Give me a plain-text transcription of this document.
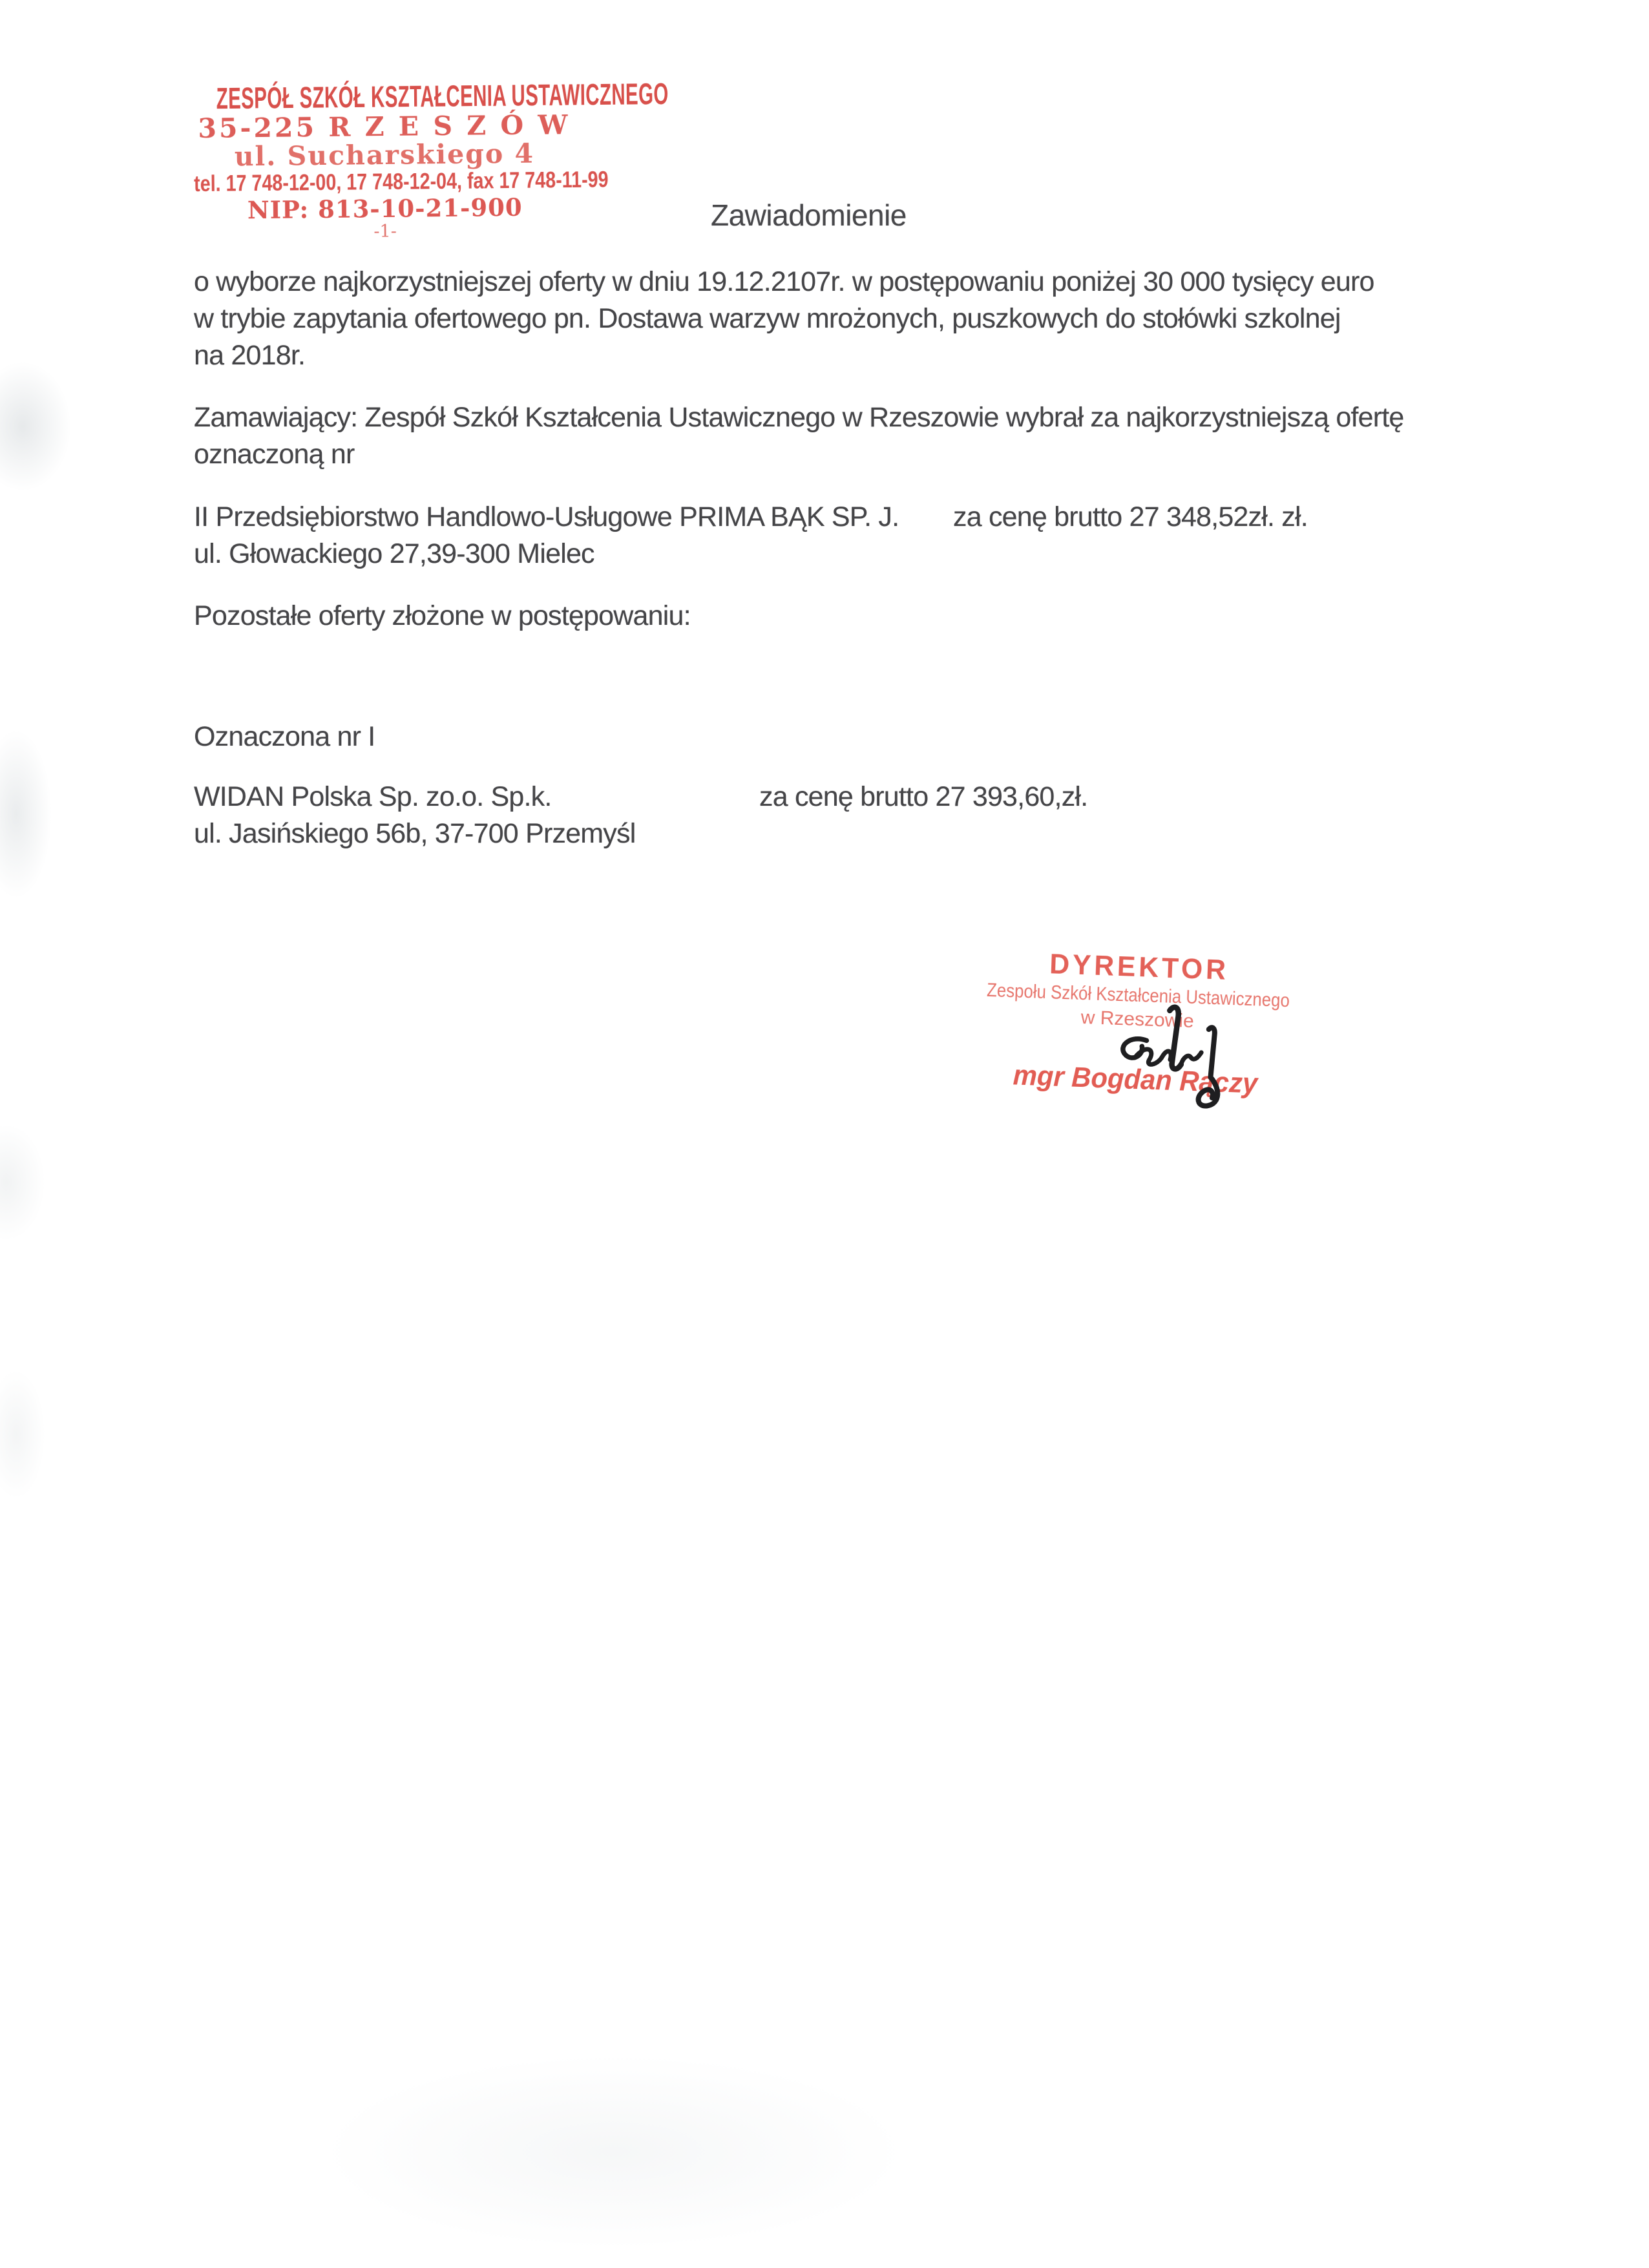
ZESPÓŁ SZKÓŁ KSZTAŁCENIA USTAWICZNEGO
35-225 R Z E S Z Ó W
ul. Sucharskiego 4
tel. 17 748-12-00, 17 748-12-04, fax 17 748-11-99
NIP: 813-10-21-900
-1-	Zawiadomienie
o wyborze najkorzystniejszej oferty w dniu 19.12.2107r. w postępowaniu poniżej 30 000 tysięcy euro
w trybie zapytania ofertowego pn. Dostawa warzyw mrożonych, puszkowych do stołówki szkolnej
na 2018r.
Zamawiający: Zespół Szkół Kształcenia Ustawicznego w Rzeszowie wybrał za najkorzystniejszą ofertę
oznaczoną nr
II Przedsiębiorstwo Handlowo-Usługowe PRIMA BĄK SP. J. za cenę brutto 27 348,52zł. zł.
ul. Głowackiego 27,39-300 Mielec
Pozostałe oferty złożone w postępowaniu:
Oznaczona nr I
WIDAN Polska Sp. zo.o. Sp.k.	za cenę brutto 27 393,60,zł.
ul. Jasińskiego 56b, 37-700 Przemyśl
DYREKTOR
Zespołu Szkół Kształcenia Ustawicznego
w Rzeszowie
mgr Bogdan Rączy
